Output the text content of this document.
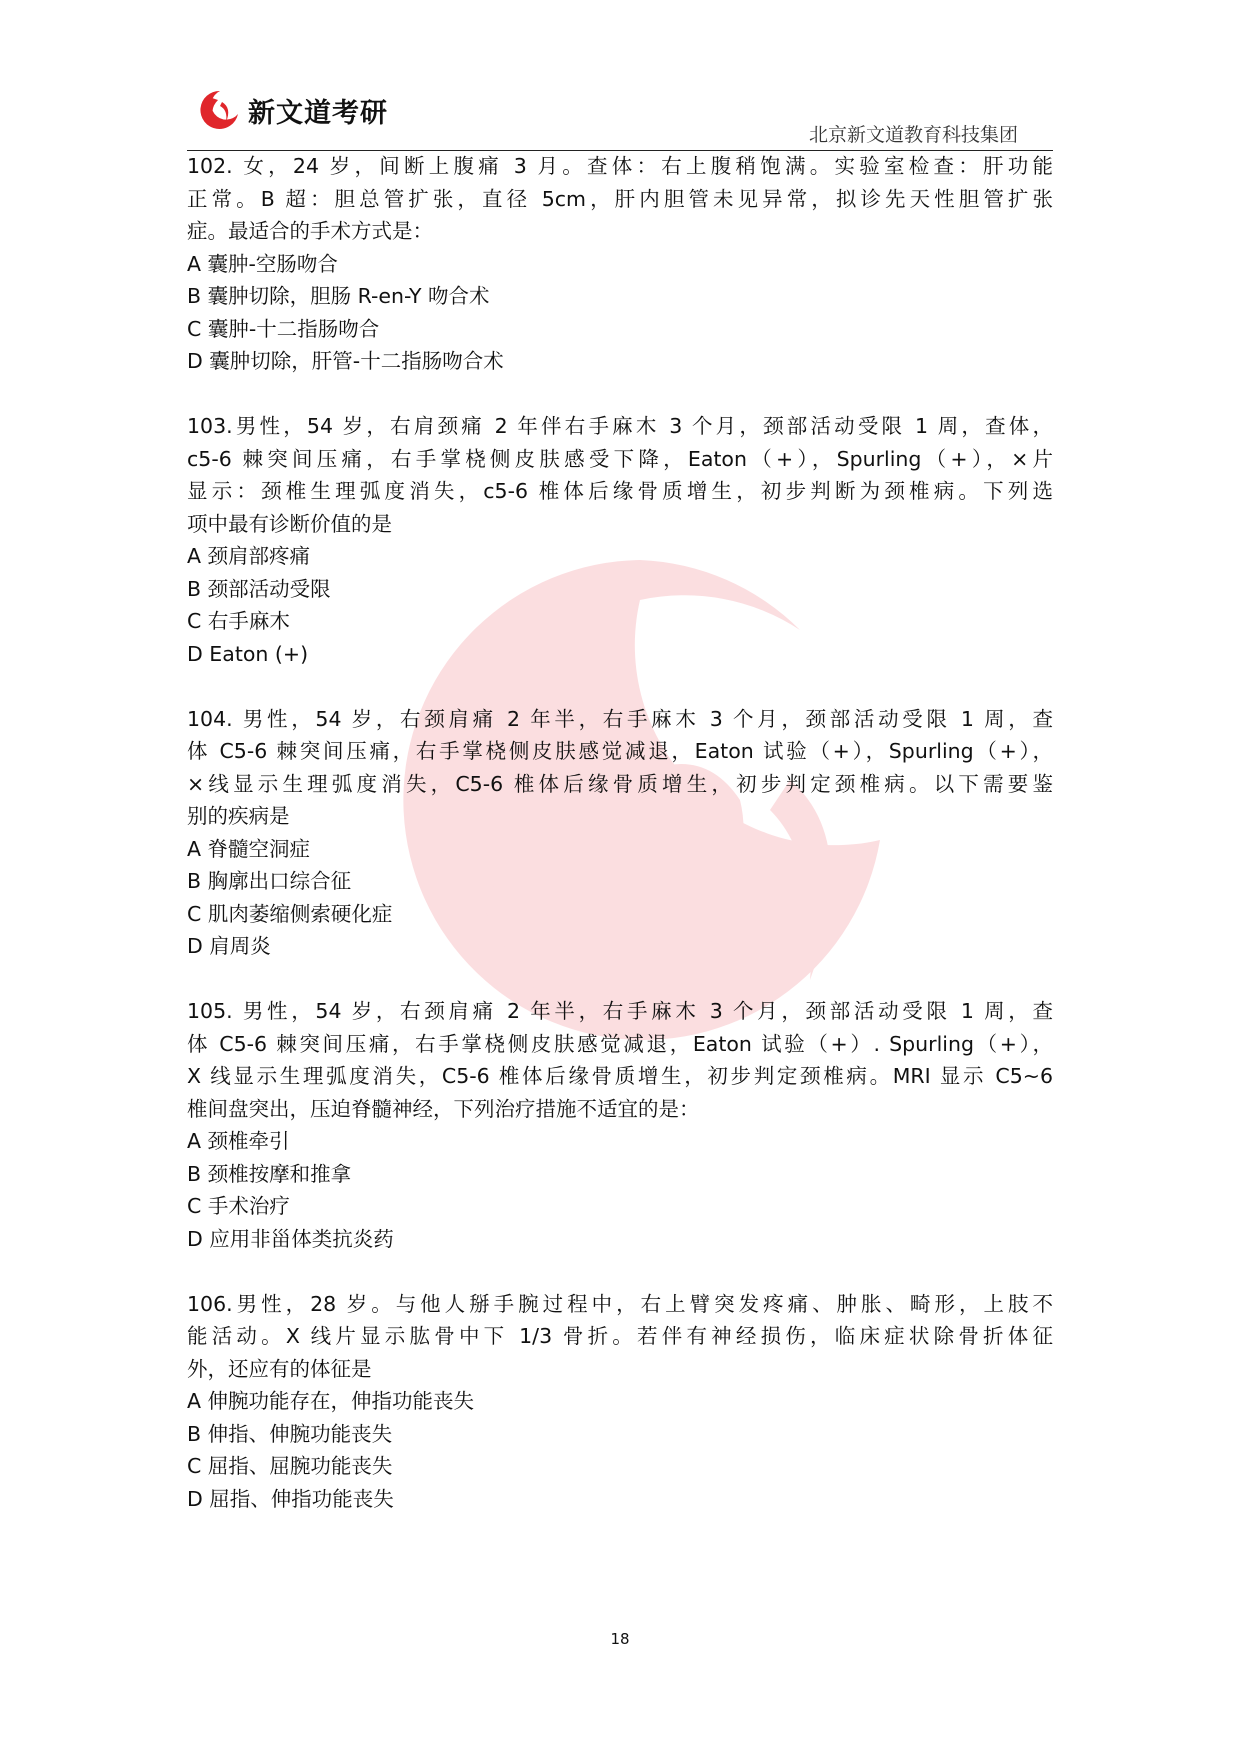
新文道考研
北京新文道教育科技集团
102. 女，24 岁，间断上腹痛 3 月。查体：右上腹稍饱满。实验室检查：肝功能
正常。B 超：胆总管扩张，直径 5cm，肝内胆管未见异常，拟诊先天性胆管扩张
症。最适合的手术方式是：
A 囊肿-空肠吻合
B 囊肿切除，胆肠 R-en-Y 吻合术
C 囊肿-十二指肠吻合
D 囊肿切除，肝管-十二指肠吻合术
103.男性，54 岁，右肩颈痛 2 年伴右手麻木 3 个月，颈部活动受限 1 周，查体，
c5-6 棘突间压痛，右手掌桡侧皮肤感受下降，Eaton（+），Spurling（+），×片
显示：颈椎生理弧度消失，c5-6 椎体后缘骨质增生，初步判断为颈椎病。下列选
项中最有诊断价值的是
A 颈肩部疼痛
B 颈部活动受限
C 右手麻木
D Eaton (+)
104. 男性，54 岁，右颈肩痛 2 年半，右手麻木 3 个月，颈部活动受限 1 周，查
体 C5-6 棘突间压痛，右手掌桡侧皮肤感觉减退，Eaton 试验（+），Spurling（+），
×线显示生理弧度消失，C5-6 椎体后缘骨质增生，初步判定颈椎病。以下需要鉴
别的疾病是
A 脊髓空洞症
B 胸廓出口综合征
C 肌肉萎缩侧索硬化症
D 肩周炎
105. 男性，54 岁，右颈肩痛 2 年半，右手麻木 3 个月，颈部活动受限 1 周，查
体 C5-6 棘突间压痛，右手掌桡侧皮肤感觉减退，Eaton 试验（+）. Spurling（+），
X 线显示生理弧度消失，C5-6 椎体后缘骨质增生，初步判定颈椎病。MRI 显示 C5~6
椎间盘突出，压迫脊髓神经，下列治疗措施不适宜的是：
A 颈椎牵引
B 颈椎按摩和推拿
C 手术治疗
D 应用非甾体类抗炎药
106.男性，28 岁。与他人掰手腕过程中，右上臂突发疼痛、肿胀、畸形，上肢不
能活动。X 线片显示肱骨中下 1/3 骨折。若伴有神经损伤，临床症状除骨折体征
外，还应有的体征是
A 伸腕功能存在，伸指功能丧失
B 伸指、伸腕功能丧失
C 屈指、屈腕功能丧失
D 屈指、伸指功能丧失
18
